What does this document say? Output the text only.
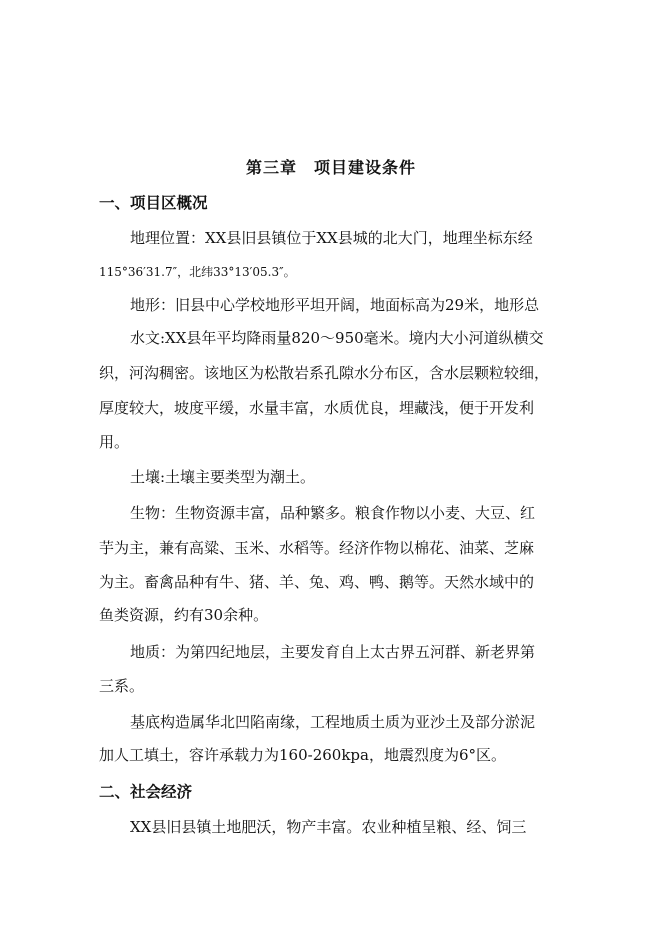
第三章　项目建设条件
一、项目区概况
地理位置：XX县旧县镇位于XX县城的北大门，地理坐标东经
115°36′31.7″，北纬33°13′05.3″。
地形：旧县中心学校地形平坦开阔，地面标高为29米，地形总
水文:XX县年平均降雨量820～950毫米。境内大小河道纵横交
织，河沟稠密。该地区为松散岩系孔隙水分布区，含水层颗粒较细，
厚度较大，坡度平缓，水量丰富，水质优良，埋藏浅，便于开发利
用。
土壤:土壤主要类型为潮土。
生物：生物资源丰富，品种繁多。粮食作物以小麦、大豆、红
芋为主，兼有高粱、玉米、水稻等。经济作物以棉花、油菜、芝麻
为主。畜禽品种有牛、猪、羊、兔、鸡、鸭、鹅等。天然水域中的
鱼类资源，约有30余种。
地质：为第四纪地层，主要发育自上太古界五河群、新老界第
三系。
基底构造属华北凹陷南缘，工程地质土质为亚沙土及部分淤泥
加人工填土，容许承载力为160-260kpa，地震烈度为6°区。
二、社会经济
XX县旧县镇土地肥沃，物产丰富。农业种植呈粮、经、饲三
